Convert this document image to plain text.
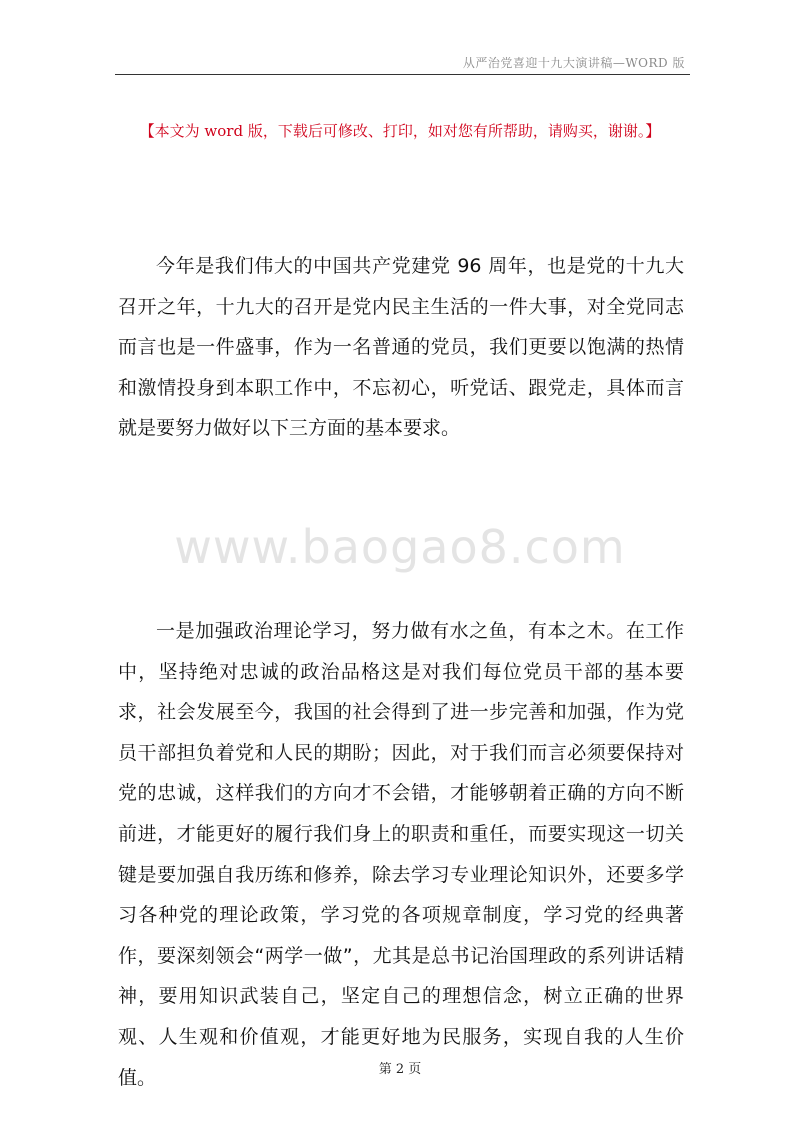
从严治党喜迎十九大演讲稿—WORD 版
【本文为 word 版，下载后可修改、打印，如对您有所帮助，请购买，谢谢。】

今年是我们伟大的中国共产党建党 96 周年，也是党的十九大召开之年，十九大的召开是党内民主生活的一件大事，对全党同志而言也是一件盛事，作为一名普通的党员，我们更要以饱满的热情和激情投身到本职工作中，不忘初心，听党话、跟党走，具体而言就是要努力做好以下三方面的基本要求。

www.baogao8.com

一是加强政治理论学习，努力做有水之鱼，有本之木。在工作中，坚持绝对忠诚的政治品格这是对我们每位党员干部的基本要求，社会发展至今，我国的社会得到了进一步完善和加强，作为党员干部担负着党和人民的期盼；因此，对于我们而言必须要保持对党的忠诚，这样我们的方向才不会错，才能够朝着正确的方向不断前进，才能更好的履行我们身上的职责和重任，而要实现这一切关键是要加强自我历练和修养，除去学习专业理论知识外，还要多学习各种党的理论政策，学习党的各项规章制度，学习党的经典著作，要深刻领会“两学一做”，尤其是总书记治国理政的系列讲话精神，要用知识武装自己，坚定自己的理想信念，树立正确的世界观、人生观和价值观，才能更好地为民服务，实现自我的人生价值。	第 2 页
